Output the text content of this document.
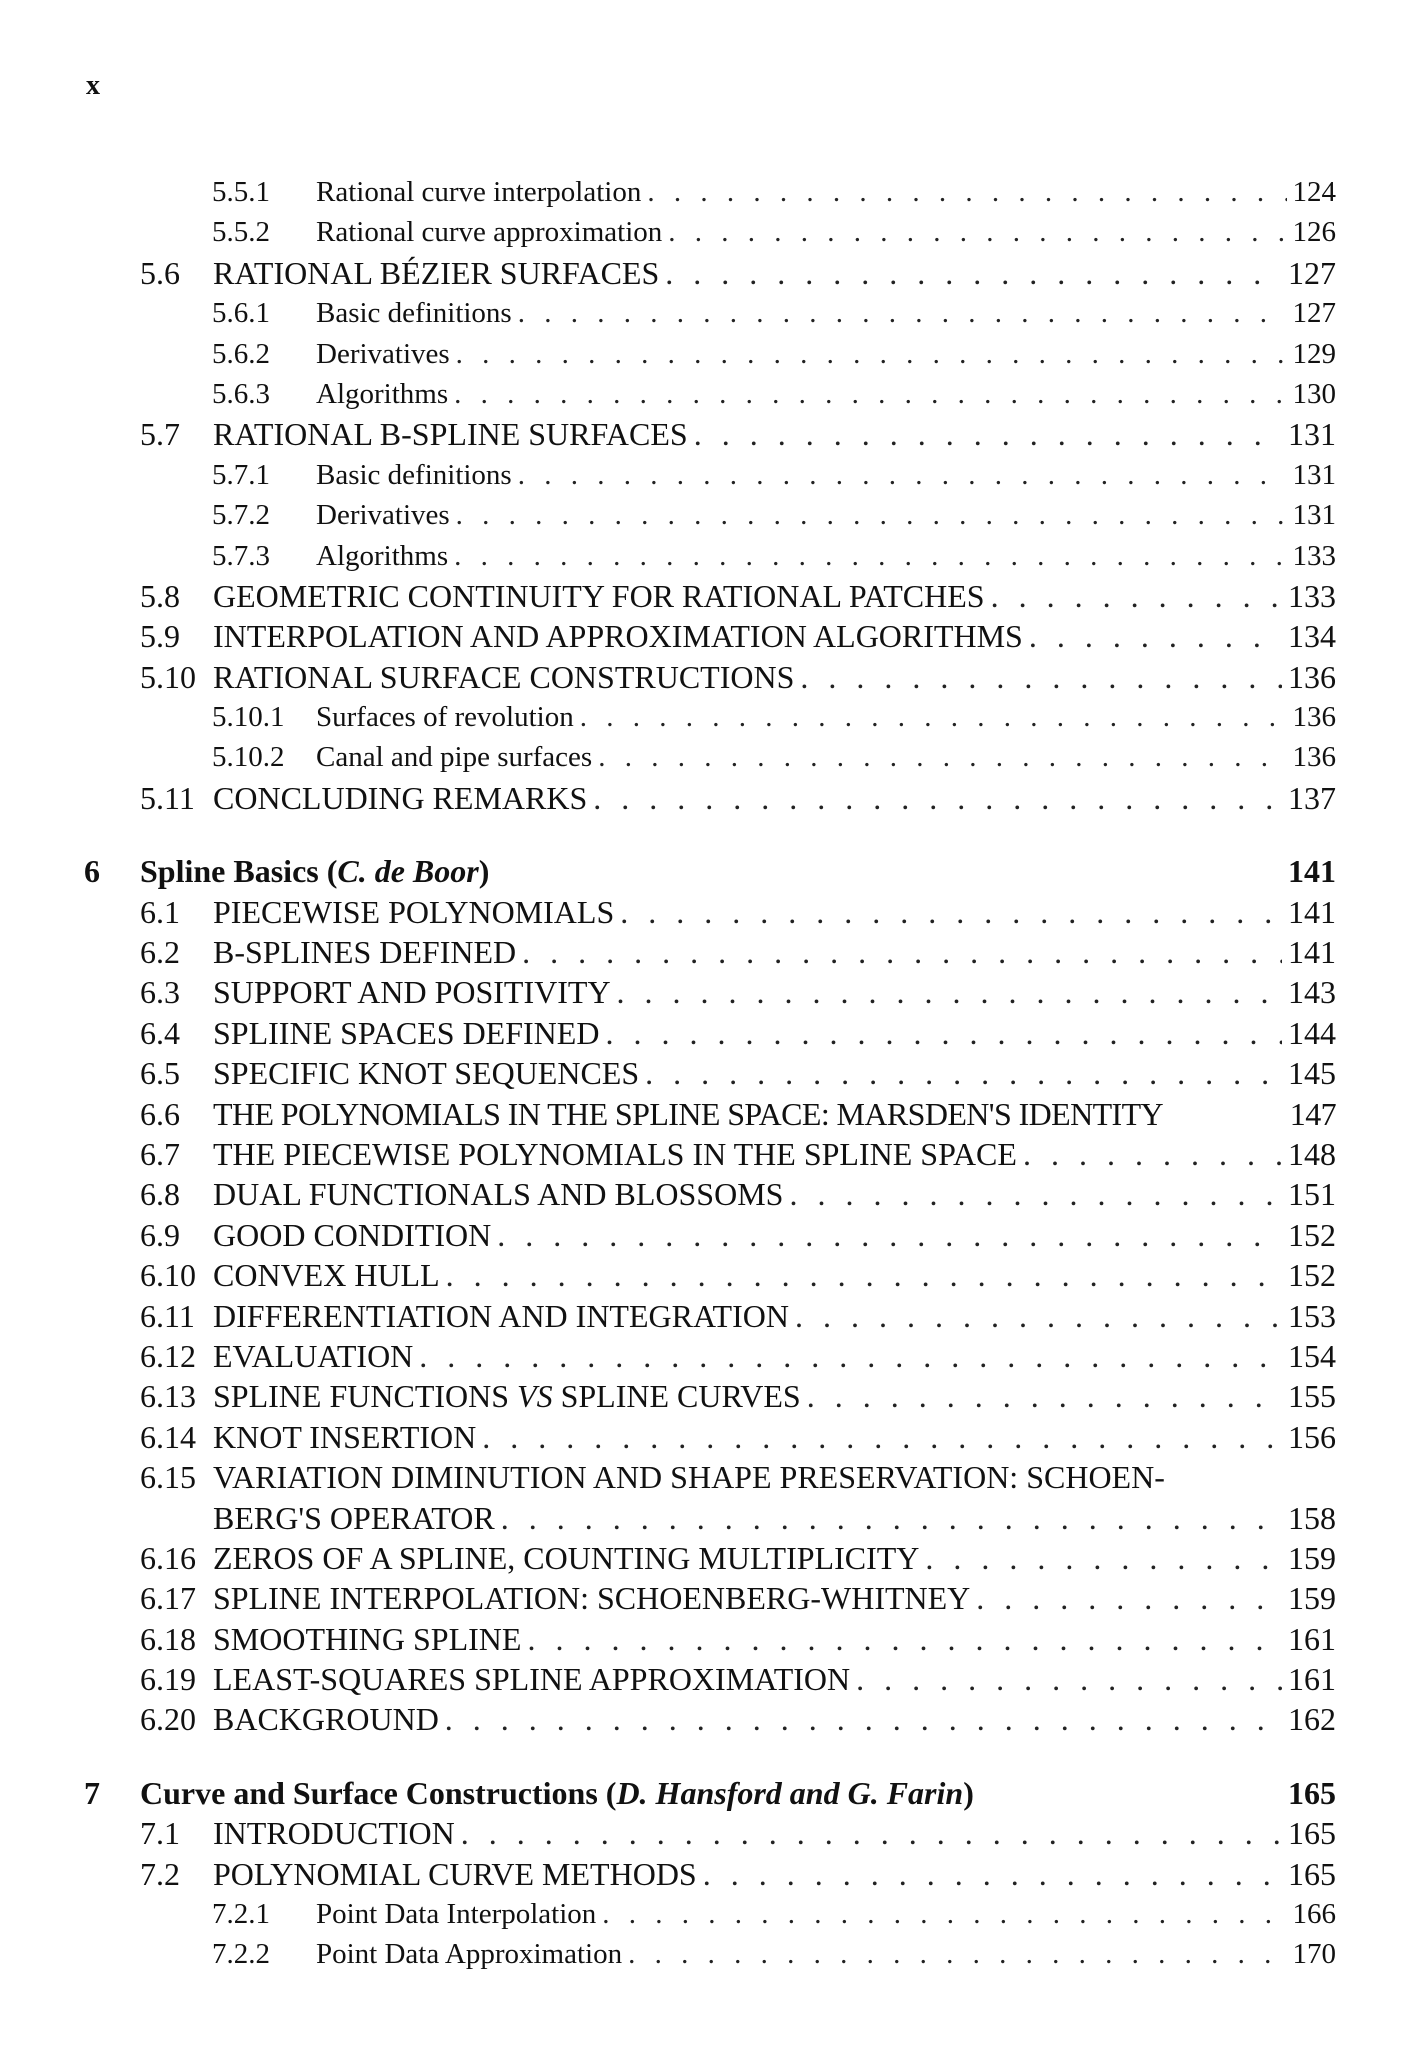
x
5.5.1 Rational curve interpolation . . .	124
5.5.2 Rational curve approximation . . .	126
5.6 RATIONAL BÉZIER SURFACES . . .	127
5.6.1 Basic definitions . . .	127
5.6.2 Derivatives . . .	129
5.6.3 Algorithms . . .	130
5.7 RATIONAL B-SPLINE SURFACES . . .	131
5.7.1 Basic definitions . . .	131
5.7.2 Derivatives . . .	131
5.7.3 Algorithms . . .	133
5.8 GEOMETRIC CONTINUITY FOR RATIONAL PATCHES . . .	133
5.9 INTERPOLATION AND APPROXIMATION ALGORITHMS . . .	134
5.10 RATIONAL SURFACE CONSTRUCTIONS . . .	136
5.10.1 Surfaces of revolution . . .	136
5.10.2 Canal and pipe surfaces . . .	136
5.11 CONCLUDING REMARKS . . .	137
6 Spline Basics (C. de Boor)	141
6.1 PIECEWISE POLYNOMIALS . . .	141
6.2 B-SPLINES DEFINED . . .	141
6.3 SUPPORT AND POSITIVITY . . .	143
6.4 SPLIINE SPACES DEFINED . . .	144
6.5 SPECIFIC KNOT SEQUENCES . . .	145
6.6 THE POLYNOMIALS IN THE SPLINE SPACE: MARSDEN'S IDENTITY	147
6.7 THE PIECEWISE POLYNOMIALS IN THE SPLINE SPACE . . .	148
6.8 DUAL FUNCTIONALS AND BLOSSOMS . . .	151
6.9 GOOD CONDITION . . .	152
6.10 CONVEX HULL . . .	152
6.11 DIFFERENTIATION AND INTEGRATION . . .	153
6.12 EVALUATION . . .	154
6.13 SPLINE FUNCTIONS VS SPLINE CURVES . . .	155
6.14 KNOT INSERTION . . .	156
6.15 VARIATION DIMINUTION AND SHAPE PRESERVATION: SCHOEN-
BERG'S OPERATOR . . .	158
6.16 ZEROS OF A SPLINE, COUNTING MULTIPLICITY . . .	159
6.17 SPLINE INTERPOLATION: SCHOENBERG-WHITNEY . . .	159
6.18 SMOOTHING SPLINE . . .	161
6.19 LEAST-SQUARES SPLINE APPROXIMATION . . .	161
6.20 BACKGROUND . . .	162
7 Curve and Surface Constructions (D. Hansford and G. Farin)	165
7.1 INTRODUCTION . . .	165
7.2 POLYNOMIAL CURVE METHODS . . .	165
7.2.1 Point Data Interpolation . . .	166
7.2.2 Point Data Approximation . . .	170
